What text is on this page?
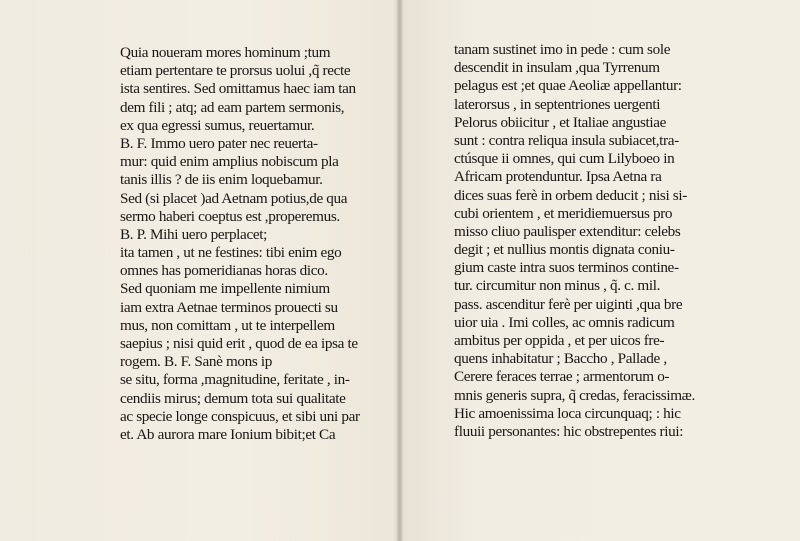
Quia noueram mores hominum ;tum
etiam pertentare te prorsus uolui ,q̃ recte
ista sentires. Sed omittamus haec iam tan
dem fili ; atq; ad eam partem sermonis,
ex qua egressi sumus, reuertamur.
B. F. Immo uero pater nec reuerta-
mur: quid enim amplius nobiscum pla
tanis illis ? de iis enim loquebamur.
Sed (si placet )ad Aetnam potius,de qua
sermo haberi coeptus est ,properemus.
B. P. Mihi uero perplacet;
ita tamen , ut ne festines: tibi enim ego
omnes has pomeridianas horas dico.
Sed quoniam me impellente nimium
iam extra Aetnae terminos prouecti su
mus, non comittam , ut te interpellem
saepius ; nisi quid erit , quod de ea ipsa te
rogem. B. F. Sanè mons ip
se situ, forma ,magnitudine, feritate , in-
cendiis mirus; demum tota sui qualitate
ac specie longe conspicuus, et sibi uni par
et. Ab aurora mare Ionium bibit;et Ca
tanam sustinet imo in pede : cum sole
descendit in insulam ,qua Tyrrenum
pelagus est ;et quae Aeoliæ appellantur:
laterorsus , in septentriones uergenti
Pelorus obiicitur , et Italiae angustiae
sunt : contra reliqua insula subiacet,tra-
ctúsque ii omnes, qui cum Lilyboeo in
Africam protenduntur. Ipsa Aetna ra
dices suas ferè in orbem deducit ; nisi si-
cubi orientem , et meridiemuersus pro
misso cliuo paulisper extenditur: celebs
degit ; et nullius montis dignata coniu-
gium caste intra suos terminos contine-
tur. circumitur non minus , q̃. c. mil.
pass. ascenditur ferè per uiginti ,qua bre
uior uia . Imi colles, ac omnis radicum
ambitus per oppida , et per uicos fre-
quens inhabitatur ; Baccho , Pallade ,
Cerere feraces terrae ; armentorum o-
mnis generis supra, q̃ credas, feracissimæ.
Hic amoenissima loca circunquaq; : hic
fluuii personantes: hic obstrepentes riui:
